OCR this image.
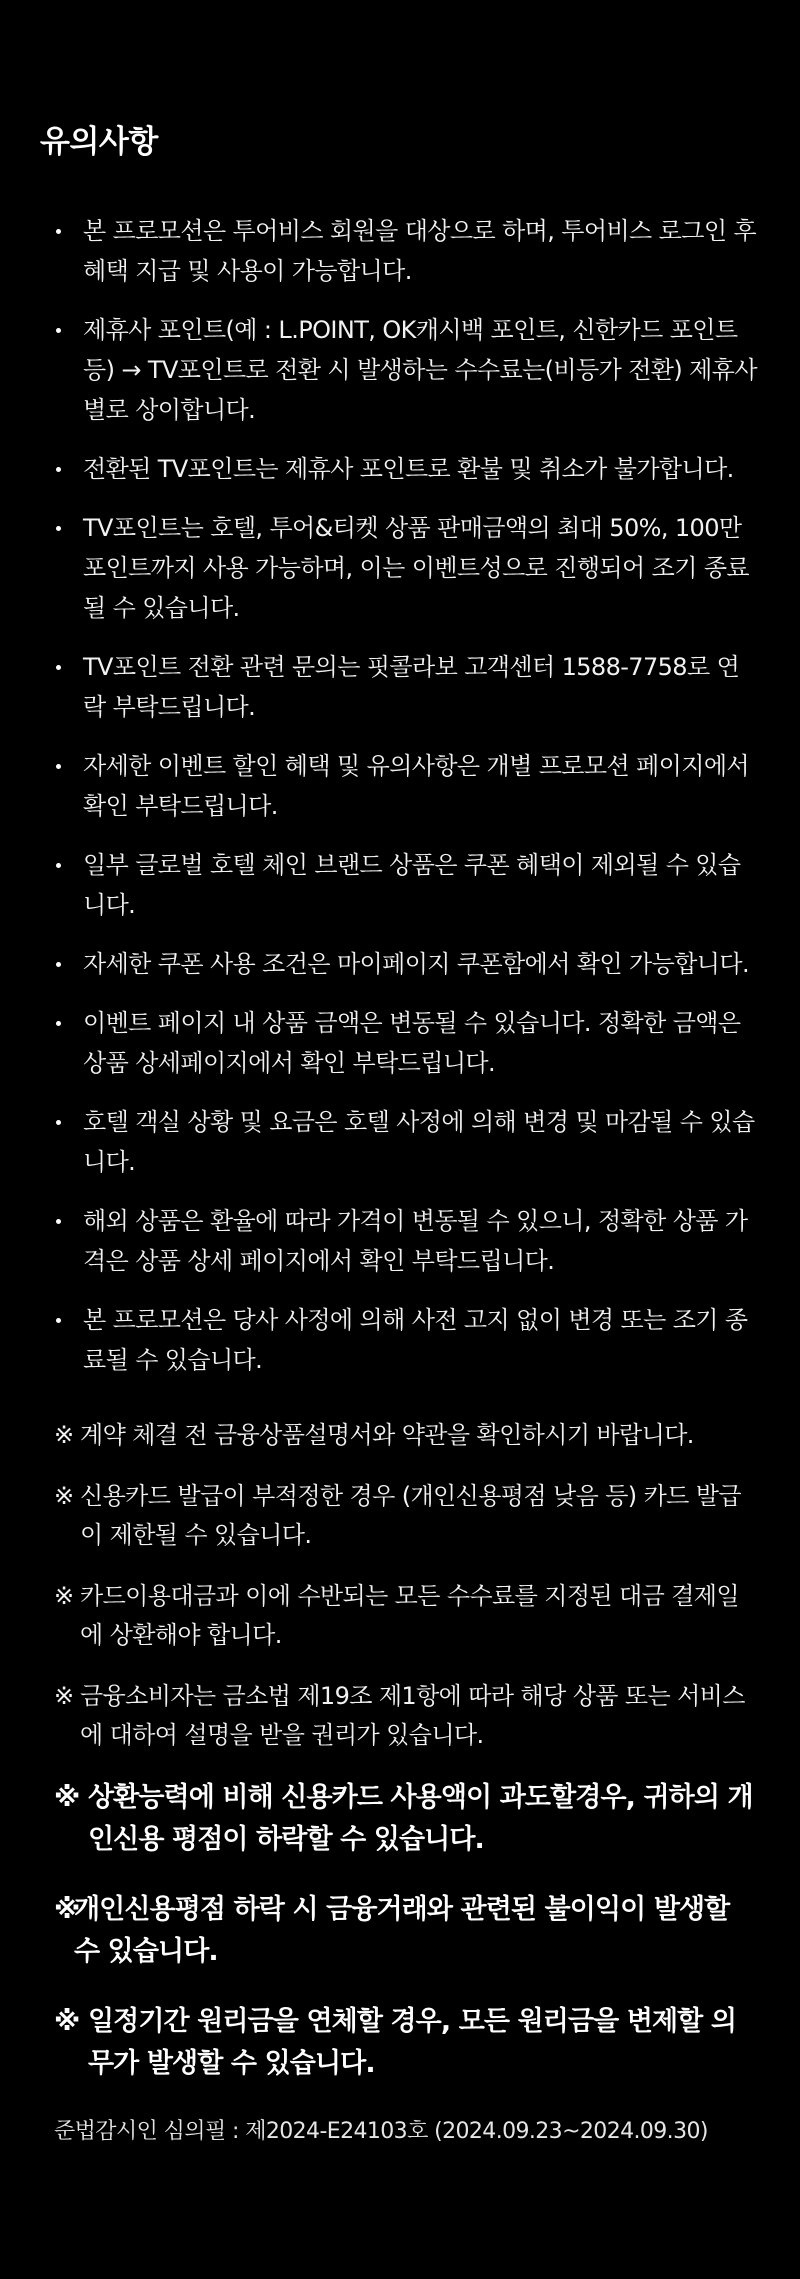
유의사항
본 프로모션은 투어비스 회원을 대상으로 하며, 투어비스 로그인 후 혜택 지급 및 사용이 가능합니다.
제휴사 포인트(예 : L.POINT, OK캐시백 포인트, 신한카드 포인트 등) → TV포인트로 전환 시 발생하는 수수료는(비등가 전환) 제휴사 별로 상이합니다.
전환된 TV포인트는 제휴사 포인트로 환불 및 취소가 불가합니다.
TV포인트는 호텔, 투어&티켓 상품 판매금액의 최대 50%, 100만 포인트까지 사용 가능하며, 이는 이벤트성으로 진행되어 조기 종료될 수 있습니다.
TV포인트 전환 관련 문의는 핏콜라보 고객센터 1588-7758로 연락 부탁드립니다.
자세한 이벤트 할인 혜택 및 유의사항은 개별 프로모션 페이지에서 확인 부탁드립니다.
일부 글로벌 호텔 체인 브랜드 상품은 쿠폰 혜택이 제외될 수 있습니다.
자세한 쿠폰 사용 조건은 마이페이지 쿠폰함에서 확인 가능합니다.
이벤트 페이지 내 상품 금액은 변동될 수 있습니다. 정확한 금액은 상품 상세페이지에서 확인 부탁드립니다.
호텔 객실 상황 및 요금은 호텔 사정에 의해 변경 및 마감될 수 있습니다.
해외 상품은 환율에 따라 가격이 변동될 수 있으니, 정확한 상품 가격은 상품 상세 페이지에서 확인 부탁드립니다.
본 프로모션은 당사 사정에 의해 사전 고지 없이 변경 또는 조기 종료될 수 있습니다.
※ 계약 체결 전 금융상품설명서와 약관을 확인하시기 바랍니다.
※ 신용카드 발급이 부적정한 경우 (개인신용평점 낮음 등) 카드 발급이 제한될 수 있습니다.
※ 카드이용대금과 이에 수반되는 모든 수수료를 지정된 대금 결제일에 상환해야 합니다.
※ 금융소비자는 금소법 제19조 제1항에 따라 해당 상품 또는 서비스에 대하여 설명을 받을 권리가 있습니다.
※ 상환능력에 비해 신용카드 사용액이 과도할경우, 귀하의 개인신용 평점이 하락할 수 있습니다.
※
개인신용평점 하락 시 금융거래와 관련된 불이익이 발생할 수 있습니다.
※ 일정기간 원리금을 연체할 경우, 모든 원리금을 변제할 의무가 발생할 수 있습니다.
준법감시인 심의필 : 제2024-E24103호 (2024.09.23~2024.09.30)
